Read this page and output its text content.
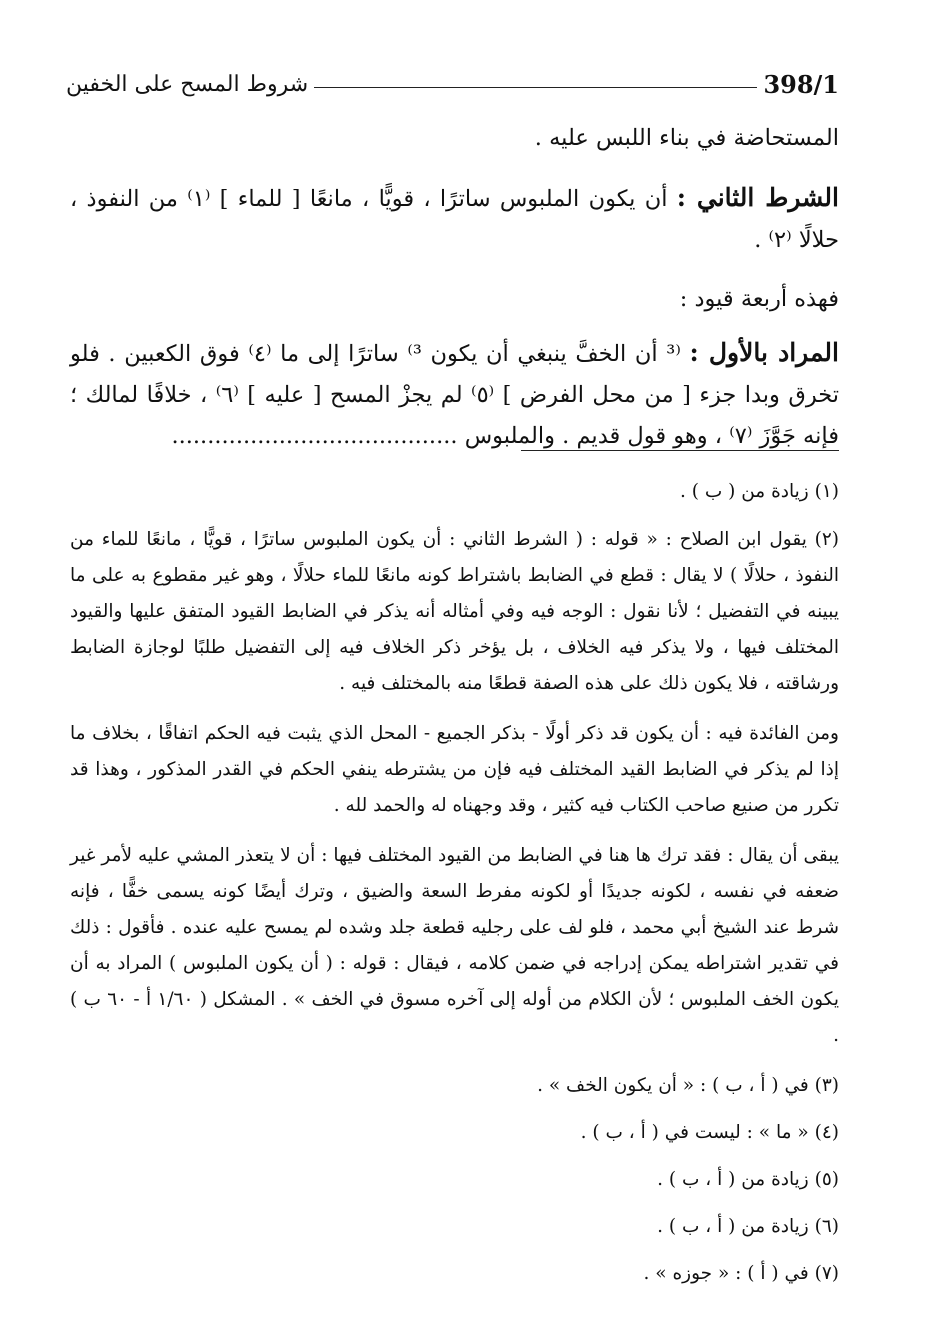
شروط المسح على الخفين	398/1

المستحاضة في بناء اللبس عليه .

الشرط الثاني : أن يكون الملبوس ساترًا ، قويًّا ، مانعًا [ للماء ] ⁽١⁾ من النفوذ ، حلالًا ⁽٢⁾ .

فهذه أربعة قيود :

المراد بالأول : ⁽³ أن الخفَّ ينبغي أن يكون ³⁾ ساترًا إلى ما ⁽٤⁾ فوق الكعبين . فلو تخرق وبدا جزء [ من محل الفرض ] ⁽٥⁾ لم يجزْ المسح [ عليه ] ⁽٦⁾ ، خلافًا لمالك ؛ فإنه جَوَّزَ ⁽٧⁾ ، وهو قول قديم . والملبوس ........................................

(١) زيادة من ( ب ) .

(٢) يقول ابن الصلاح : « قوله : ( الشرط الثاني : أن يكون الملبوس ساترًا ، قويًّا ، مانعًا للماء من النفوذ ، حلالًا ) لا يقال : قطع في الضابط باشتراط كونه مانعًا للماء حلالًا ، وهو غير مقطوع به على ما يبينه في التفضيل ؛ لأنا نقول : الوجه فيه وفي أمثاله أنه يذكر في الضابط القيود المتفق عليها والقيود المختلف فيها ، ولا يذكر فيه الخلاف ، بل يؤخر ذكر الخلاف فيه إلى التفضيل طلبًا لوجازة الضابط ورشاقته ، فلا يكون ذلك على هذه الصفة قطعًا منه بالمختلف فيه .

ومن الفائدة فيه : أن يكون قد ذكر أولًا - بذكر الجميع - المحل الذي يثبت فيه الحكم اتفاقًا ، بخلاف ما إذا لم يذكر في الضابط القيد المختلف فيه فإن من يشترطه ينفي الحكم في القدر المذكور ، وهذا قد تكرر من صنيع صاحب الكتاب فيه كثير ، وقد وجهناه له والحمد لله .

يبقى أن يقال : فقد ترك ها هنا في الضابط من القيود المختلف فيها : أن لا يتعذر المشي عليه لأمر غير ضعفه في نفسه ، لكونه جديدًا أو لكونه مفرط السعة والضيق ، وترك أيضًا كونه يسمى خفًّا ، فإنه شرط عند الشيخ أبي محمد ، فلو لف على رجليه قطعة جلد وشده لم يمسح عليه عنده . فأقول : ذلك في تقدير اشتراطه يمكن إدراجه في ضمن كلامه ، فيقال : قوله : ( أن يكون الملبوس ) المراد به أن يكون الخف الملبوس ؛ لأن الكلام من أوله إلى آخره مسوق في الخف » . المشكل ( ١/٦٠ أ - ٦٠ ب ) .

(٣) في ( أ ، ب ) : « أن يكون الخف » .

(٤) « ما » : ليست في ( أ ، ب ) .

(٥) زيادة من ( أ ، ب ) .

(٦) زيادة من ( أ ، ب ) .

(٧) في ( أ ) : « جوزه » .
